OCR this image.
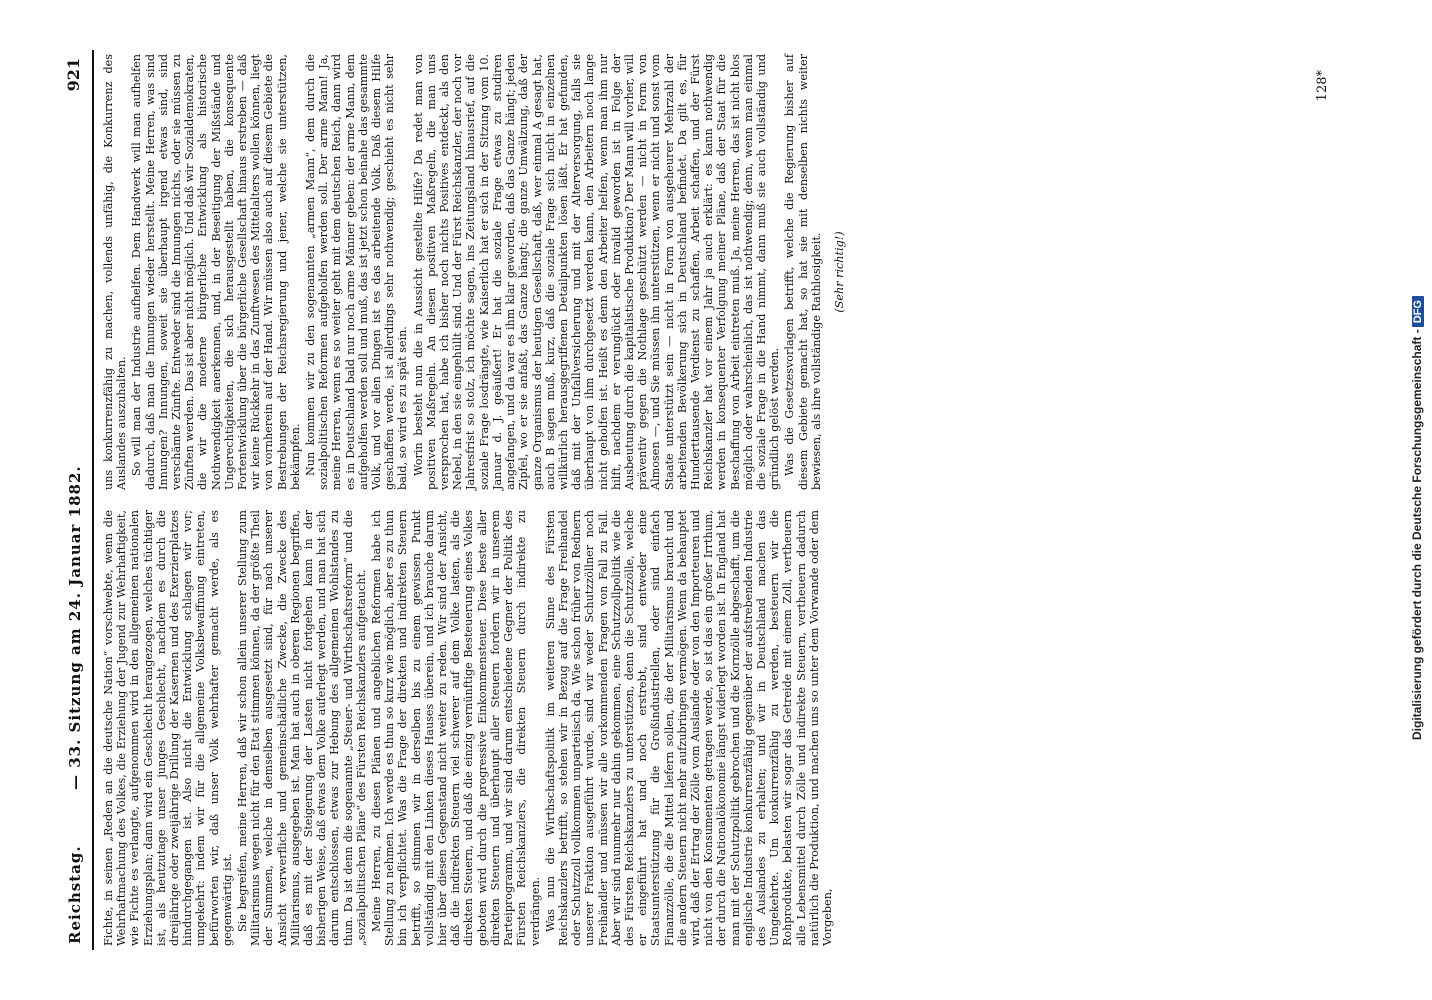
Reichstag.
— 33. Sitzung am 24. Januar 1882.
921

Fichte, in seinen „Reden an die deutsche Nation“ vorschwebte, wenn die Wehrhaftmachung des Volkes, die Erziehung der Jugend zur Wehrhaftigkeit, wie Fichte es verlangte, aufgenommen wird in den allgemeinen nationalen Erziehungsplan; dann wird ein Geschlecht herangezogen, welches tüchtiger ist, als heutzutage unser junges Geschlecht, nachdem es durch die dreijährige oder zweijährige Drillung der Kasernen und des Exerzierplatzes hindurchgegangen ist. Also nicht die Entwicklung schlagen wir vor; umgekehrt: indem wir für die allgemeine Volksbewaffnung eintreten, befürworten wir, daß unser Volk wehrhafter gemacht werde, als es gegenwärtig ist. Sie begreifen, meine Herren, daß wir schon allein unserer Stellung zum Militarismus wegen nicht für den Etat stimmen können, da der größte Theil der Summen, welche in demselben ausgesetzt sind, für nach unserer Ansicht verwerfliche und gemeinschädliche Zwecke, die Zwecke des Militarismus, ausgegeben ist. Man hat auch in oberen Regionen begriffen, daß es mit der Steigerung der Lasten nicht fortgehen kann in der bisherigen Weise, daß etwas dem Volke auferlegt werden, und man hat sich darum entschlossen, etwas zur Hebung des allgemeinen Wohlstandes zu thun. Da ist denn die sogenannte „Steuer- und Wirthschaftsreform“ und die „sozialpolitischen Pläne“ des Fürsten Reichskanzlers aufgetaucht. Meine Herren, zu diesen Plänen und angeblichen Reformen habe ich Stellung zu nehmen. Ich werde es thun so kurz wie möglich, aber es zu thun bin ich verpflichtet. Was die Frage der direkten und indirekten Steuern betrifft, so stimmen wir in derselben bis zu einem gewissen Punkt vollständig mit den Linken dieses Hauses überein, und ich brauche darum hier über diesen Gegenstand nicht weiter zu reden. Wir sind der Ansicht, daß die indirekten Steuern viel schwerer auf dem Volke lasten, als die direkten Steuern, und daß die einzig vernünftige Besteuerung eines Volkes geboten wird durch die progressive Einkommensteuer. Diese beste aller direkten Steuern und überhaupt aller Steuern fordern wir in unserem Parteiprogramm, und wir sind darum entschiedene Gegner der Politik des Fürsten Reichskanzlers, die direkten Steuern durch indirekte zu verdrängen. Was nun die Wirthschaftspolitik im weiteren Sinne des Fürsten Reichskanzlers betrifft, so stehen wir in Bezug auf die Frage Freihandel oder Schutzzoll vollkommen unparteiisch da. Wie schon früher von Rednern unserer Fraktion ausgeführt wurde, sind wir weder Schutzzöllner noch Freihändler und müssen wir alle vorkommenden Fragen von Fall zu Fall. Aber wir sind nunmehr nur dahin gekommen, eine Schutzzollpolitik wie die des Fürsten Reichskanzlers zu unterstützen, denn die Schutzzölle, welche er eingeführt hat und noch erstrebt, sind entweder eine Staatsunterstützung für die Großindustriellen, oder sind einfach Finanzzölle, die die Mittel liefern sollen, die der Militarismus braucht und die andern Steuern nicht mehr aufzubringen vermögen. Wenn da behauptet wird, daß der Ertrag der Zölle vom Auslande oder von den Importeuren und nicht von den Konsumenten getragen werde, so ist das ein großer Irrthum, der durch die Nationalökonomie längst widerlegt worden ist. In England hat man mit der Schutzpolitik gebrochen und die Kornzölle abgeschafft, um die englische Industrie konkurrenzfähig gegenüber der aufstrebenden Industrie des Auslandes zu erhalten; und wir in Deutschland machen das Umgekehrte. Um konkurrenzfähig zu werden, besteuern wir die Rohprodukte, belasten wir sogar das Getreide mit einem Zoll, vertheuern alle Lebensmittel durch Zölle und indirekte Steuern, vertheuern dadurch natürlich die Produktion, und machen uns so unter dem Vorwande oder dem Vorgeben,

uns konkurrenzfähig zu machen, vollends unfähig, die Konkurrenz des Auslandes auszuhalten. So will man der Industrie aufhelfen. Dem Handwerk will man aufhelfen dadurch, daß man die Innungen wieder herstellt. Meine Herren, was sind Innungen? Innungen, soweit sie überhaupt irgend etwas sind, sind verschämte Zünfte. Entweder sind die Innungen nichts, oder sie müssen zu Zünften werden. Das ist aber nicht möglich. Und daß wir Sozialdemokraten, die wir die moderne bürgerliche Entwicklung als historische Nothwendigkeit anerkennen, und, in der Beseitigung der Mißstände und Ungerechtigkeiten, die sich herausgestellt haben, die konsequente Fortentwicklung über die bürgerliche Gesellschaft hinaus erstreben — daß wir keine Rückkehr in das Zunftwesen des Mittelalters wollen können, liegt von vornherein auf der Hand. Wir müssen also auch auf diesem Gebiete die Bestrebungen der Reichsregierung und jener, welche sie unterstützen, bekämpfen. Nun kommen wir zu den sogenannten „armen Mann“, dem durch die sozialpolitischen Reformen aufgeholfen werden soll. Der arme Mann! Ja, meine Herren, wenn es so weiter geht mit dem deutschen Reich, dann wird es in Deutschland bald nur noch arme Männer geben: der arme Mann, dem aufgeholfen werden soll und muß, das ist jetzt schon beinahe das gesammte Volk, und vor allen Dingen ist es das arbeitende Volk. Daß diesem Hilfe geschaffen werde, ist allerdings sehr nothwendig; geschieht es nicht sehr bald, so wird es zu spät sein. Worin besteht nun die in Aussicht gestellte Hilfe? Da redet man von positiven Maßregeln. An diesen positiven Maßregeln, die man uns versprochen hat, habe ich bisher noch nichts Positives entdeckt, als den Nebel, in den sie eingehüllt sind. Und der Fürst Reichskanzler, der noch vor Jahresfrist so stolz, ich möchte sagen, ins Zeitungsland hinausrief, auf die soziale Frage losdrängte, wie Kaiserlich hat er sich in der Sitzung vom 10. Januar d. J. geäußert! Er hat die soziale Frage etwas zu studiren angefangen, und da war es ihm klar geworden, daß das Ganze hängt; jeden Zipfel, wo er sie anfaßt, das Ganze hängt; die ganze Umwälzung, daß der ganze Organismus der heutigen Gesellschaft, daß, wer einmal A gesagt hat, auch B sagen muß, kurz, daß die soziale Frage sich nicht in einzelnen willkürlich herausgegriffenen Detailpunkten lösen läßt. Er hat gefunden, daß mit der Unfallversicherung und mit der Alterversorgung, falls sie überhaupt von ihm durchgesetzt werden kann, den Arbeitern noch lange nicht geholfen ist. Heißt es denn den Arbeiter helfen, wenn man ihm nur hilft, nachdem er verunglückt oder invalid geworden ist in Folge der Ausbeutung durch die kapitalistische Produktion? Der Mann will vorher, will präventiv gegen die Nothlage geschützt werden — nicht in Form von Almosen —, und Sie müssen ihn unterstützen, wenn er nicht und sonst vom Staate unterstützt sein — nicht in Form von ausgeheurer Mehrzahl der arbeitenden Bevölkerung sich in Deutschland befindet. Da gilt es, für Hunderttausende Verdienst zu schaffen, Arbeit schaffen, und der Fürst Reichskanzler hat vor einem Jahr ja auch erklärt: es kann nothwendig werden in konsequenter Verfolgung meiner Pläne, daß der Staat für die Beschaffung von Arbeit eintreten muß. Ja, meine Herren, das ist nicht blos möglich oder wahrscheinlich, das ist nothwendig; denn, wenn man einmal die soziale Frage in die Hand nimmt, dann muß sie auch vollständig und gründlich gelöst werden. Was die Gesetzesvorlagen betrifft, welche die Regierung bisher auf diesem Gebiete gemacht hat, so hat sie mit denselben nichts weiter bewiesen, als ihre vollständige Rathlosigkeit. (Sehr richtig!)

128*
Digitalisierung gefördert durch die Deutsche Forschungsgemeinschaft -DFG
